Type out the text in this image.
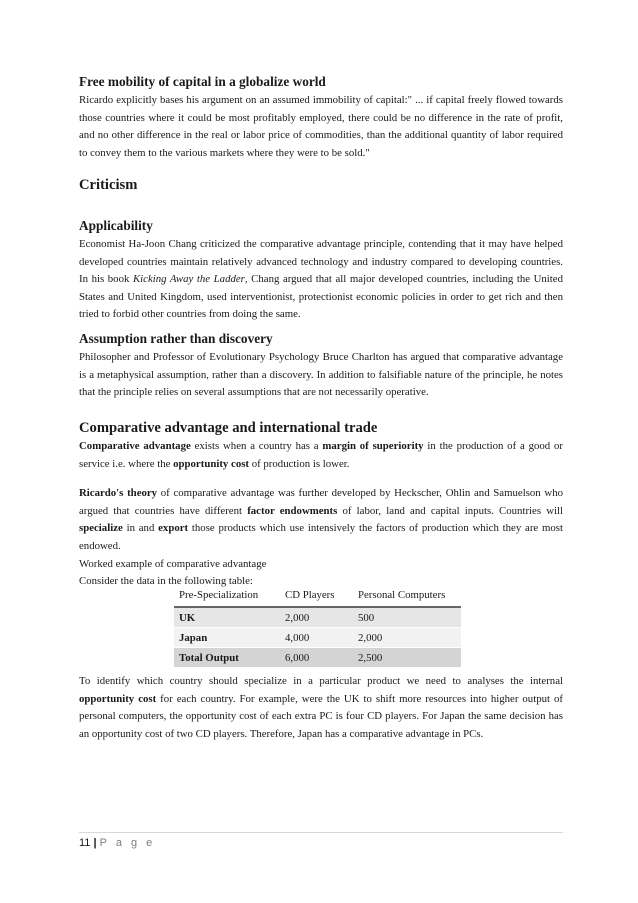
Free mobility of capital in a globalize world

Ricardo explicitly bases his argument on an assumed immobility of capital:" ... if capital freely flowed towards those countries where it could be most profitably employed, there could be no difference in the rate of profit, and no other difference in the real or labor price of commodities, than the additional quantity of labor required to convey them to the various markets where they were to be sold."

Criticism

Applicability

Economist Ha-Joon Chang criticized the comparative advantage principle, contending that it may have helped developed countries maintain relatively advanced technology and industry compared to developing countries. In his book Kicking Away the Ladder, Chang argued that all major developed countries, including the United States and United Kingdom, used interventionist, protectionist economic policies in order to get rich and then tried to forbid other countries from doing the same.

Assumption rather than discovery

Philosopher and Professor of Evolutionary Psychology Bruce Charlton has argued that comparative advantage is a metaphysical assumption, rather than a discovery. In addition to falsifiable nature of the principle, he notes that the principle relies on several assumptions that are not necessarily operative.

Comparative advantage and international trade

Comparative advantage exists when a country has a margin of superiority in the production of a good or service i.e. where the opportunity cost of production is lower.

Ricardo's theory of comparative advantage was further developed by Heckscher, Ohlin and Samuelson who argued that countries have different factor endowments of labor, land and capital inputs. Countries will specialize in and export those products which use intensively the factors of production which they are most endowed.

Worked example of comparative advantage

Consider the data in the following table:

To identify which country should specialize in a particular product we need to analyses the internal opportunity cost for each country. For example, were the UK to shift more resources into higher output of personal computers, the opportunity cost of each extra PC is four CD players. For Japan the same decision has an opportunity cost of two CD players. Therefore, Japan has a comparative advantage in PCs.

Pre-Specialization	CD Players	Personal Computers
UK	2,000	500
Japan	4,000	2,000
Total Output	6,000	2,500
11 | P a g e
